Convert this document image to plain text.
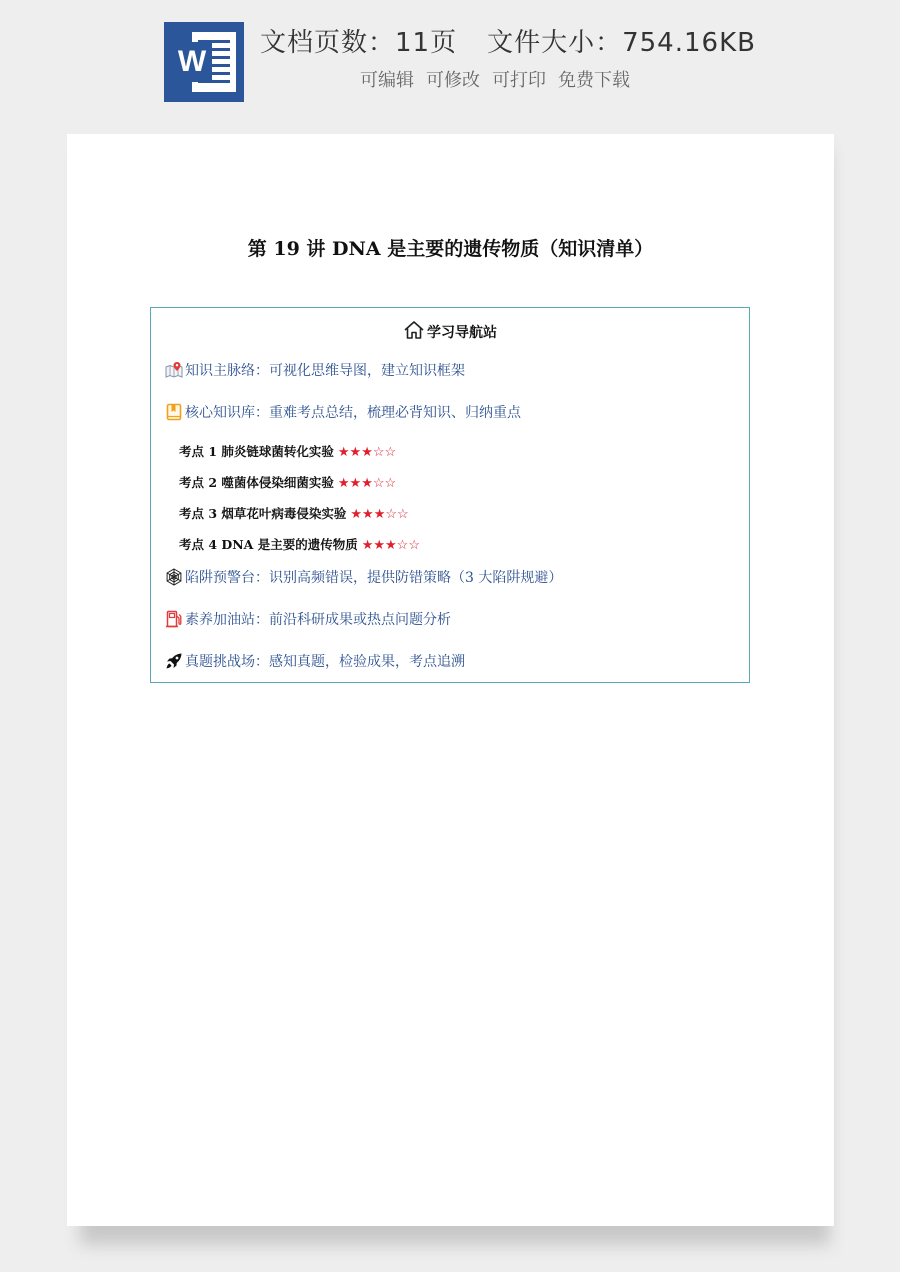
W
文档页数：11页 文件大小：754.16KB
可编辑 可修改 可打印 免费下载
第 19 讲 DNA 是主要的遗传物质（知识清单）
学习导航站
知识主脉络：可视化思维导图，建立知识框架
核心知识库：重难考点总结，梳理必背知识、归纳重点
考点 1 肺炎链球菌转化实验 ★★★☆☆
考点 2 噬菌体侵染细菌实验 ★★★☆☆
考点 3 烟草花叶病毒侵染实验 ★★★☆☆
考点 4 DNA 是主要的遗传物质 ★★★☆☆
陷阱预警台：识别高频错误，提供防错策略（3 大陷阱规避）
素养加油站：前沿科研成果或热点问题分析
真题挑战场：感知真题，检验成果，考点追溯
